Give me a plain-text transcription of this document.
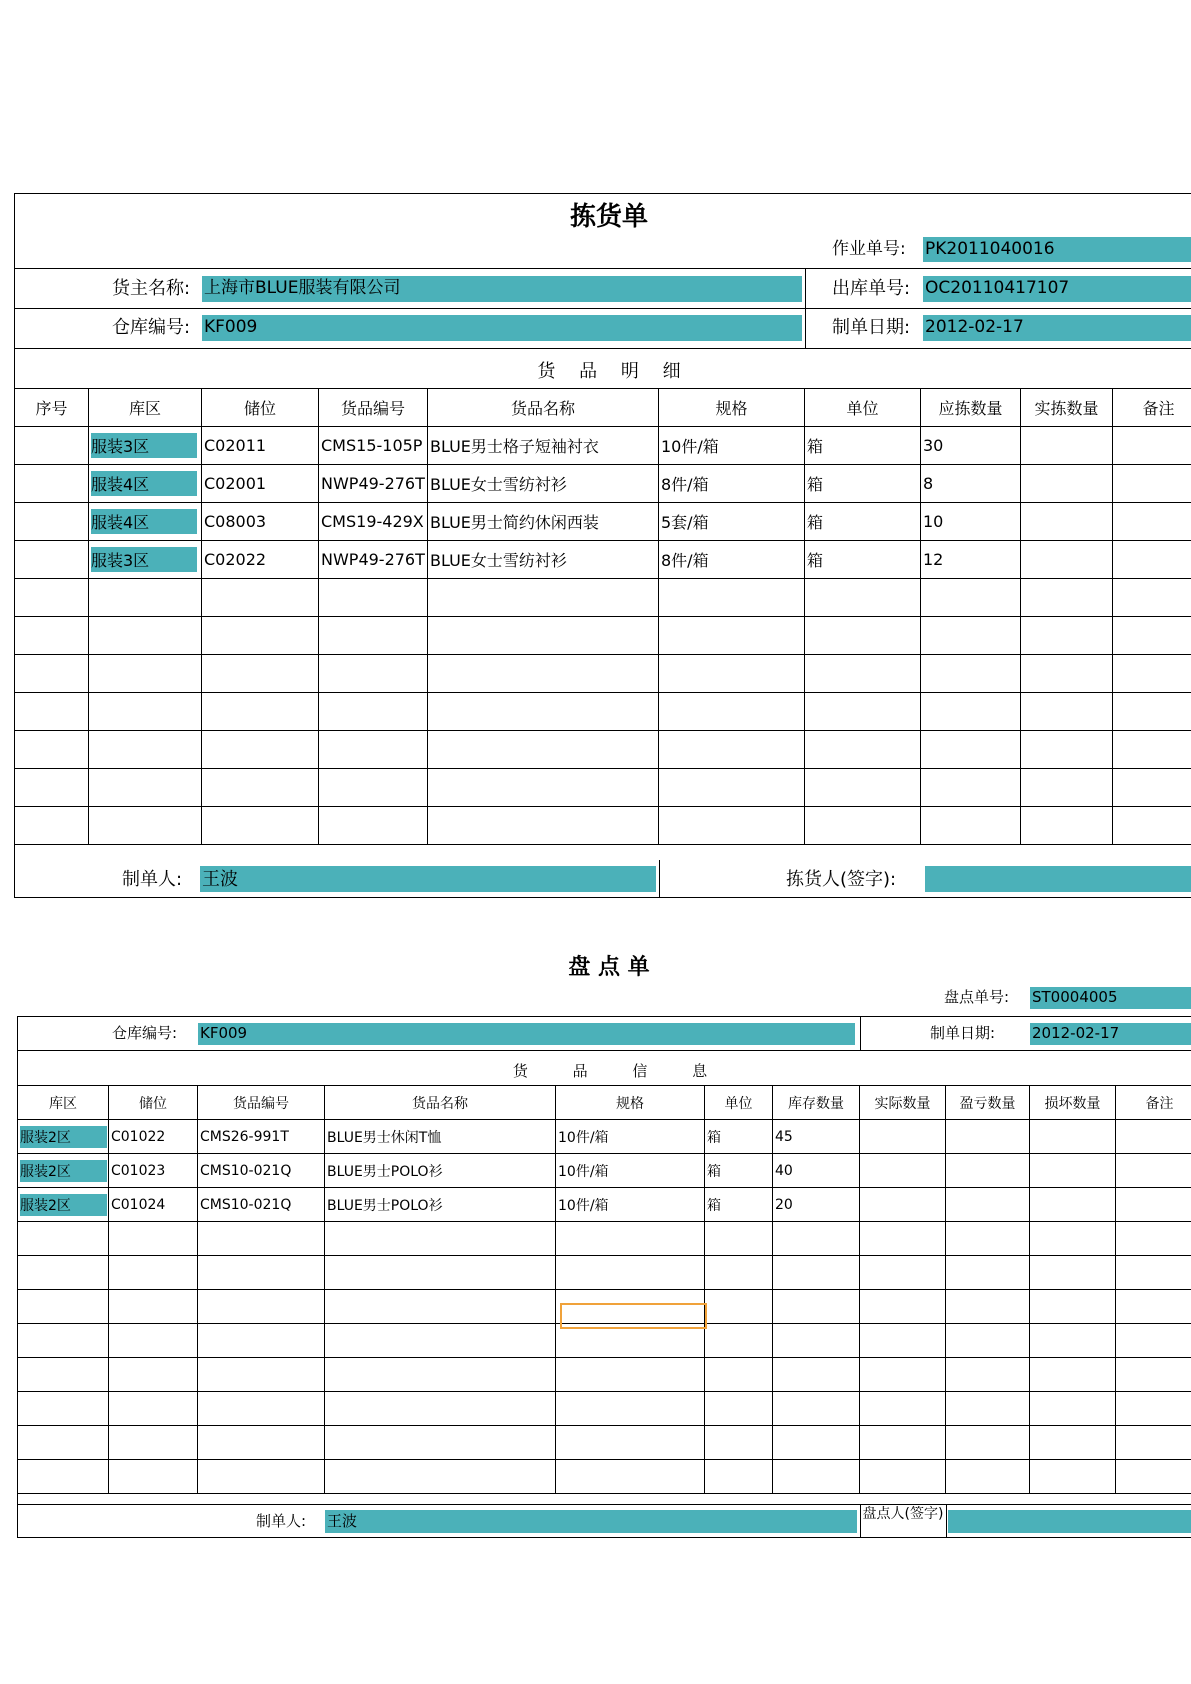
拣货单
作业单号: PK2011040016
货主名称: 上海市BLUE服装有限公司	出库单号: OC20110417107
仓库编号: KF009	制单日期: 2012-02-17
货 品 明 细
序号	库区	储位	货品编号	货品名称	规格	单位	应拣数量	实拣数量	备注
	服装3区	C02011	CMS15-105P	BLUE男士格子短袖衬衣	10件/箱	箱	30		
	服装4区	C02001	NWP49-276T	BLUE女士雪纺衬衫	8件/箱	箱	8		
	服装4区	C08003	CMS19-429X	BLUE男士简约休闲西装	5套/箱	箱	10		
	服装3区	C02022	NWP49-276T	BLUE女士雪纺衬衫	8件/箱	箱	12		

制单人: 王波	拣货人(签字):
盘 点 单
盘点单号: ST0004005
仓库编号: KF009	制单日期: 2012-02-17
货 品 信 息
库区	储位	货品编号	货品名称	规格	单位	库存数量	实际数量	盈亏数量	损坏数量	备注
服装2区	C01022	CMS26-991T	BLUE男士休闲T恤	10件/箱	箱	45				
服装2区	C01023	CMS10-021Q	BLUE男士POLO衫	10件/箱	箱	40				
服装2区	C01024	CMS10-021Q	BLUE男士POLO衫	10件/箱	箱	20				

制单人: 王波	盘点人(签字)
